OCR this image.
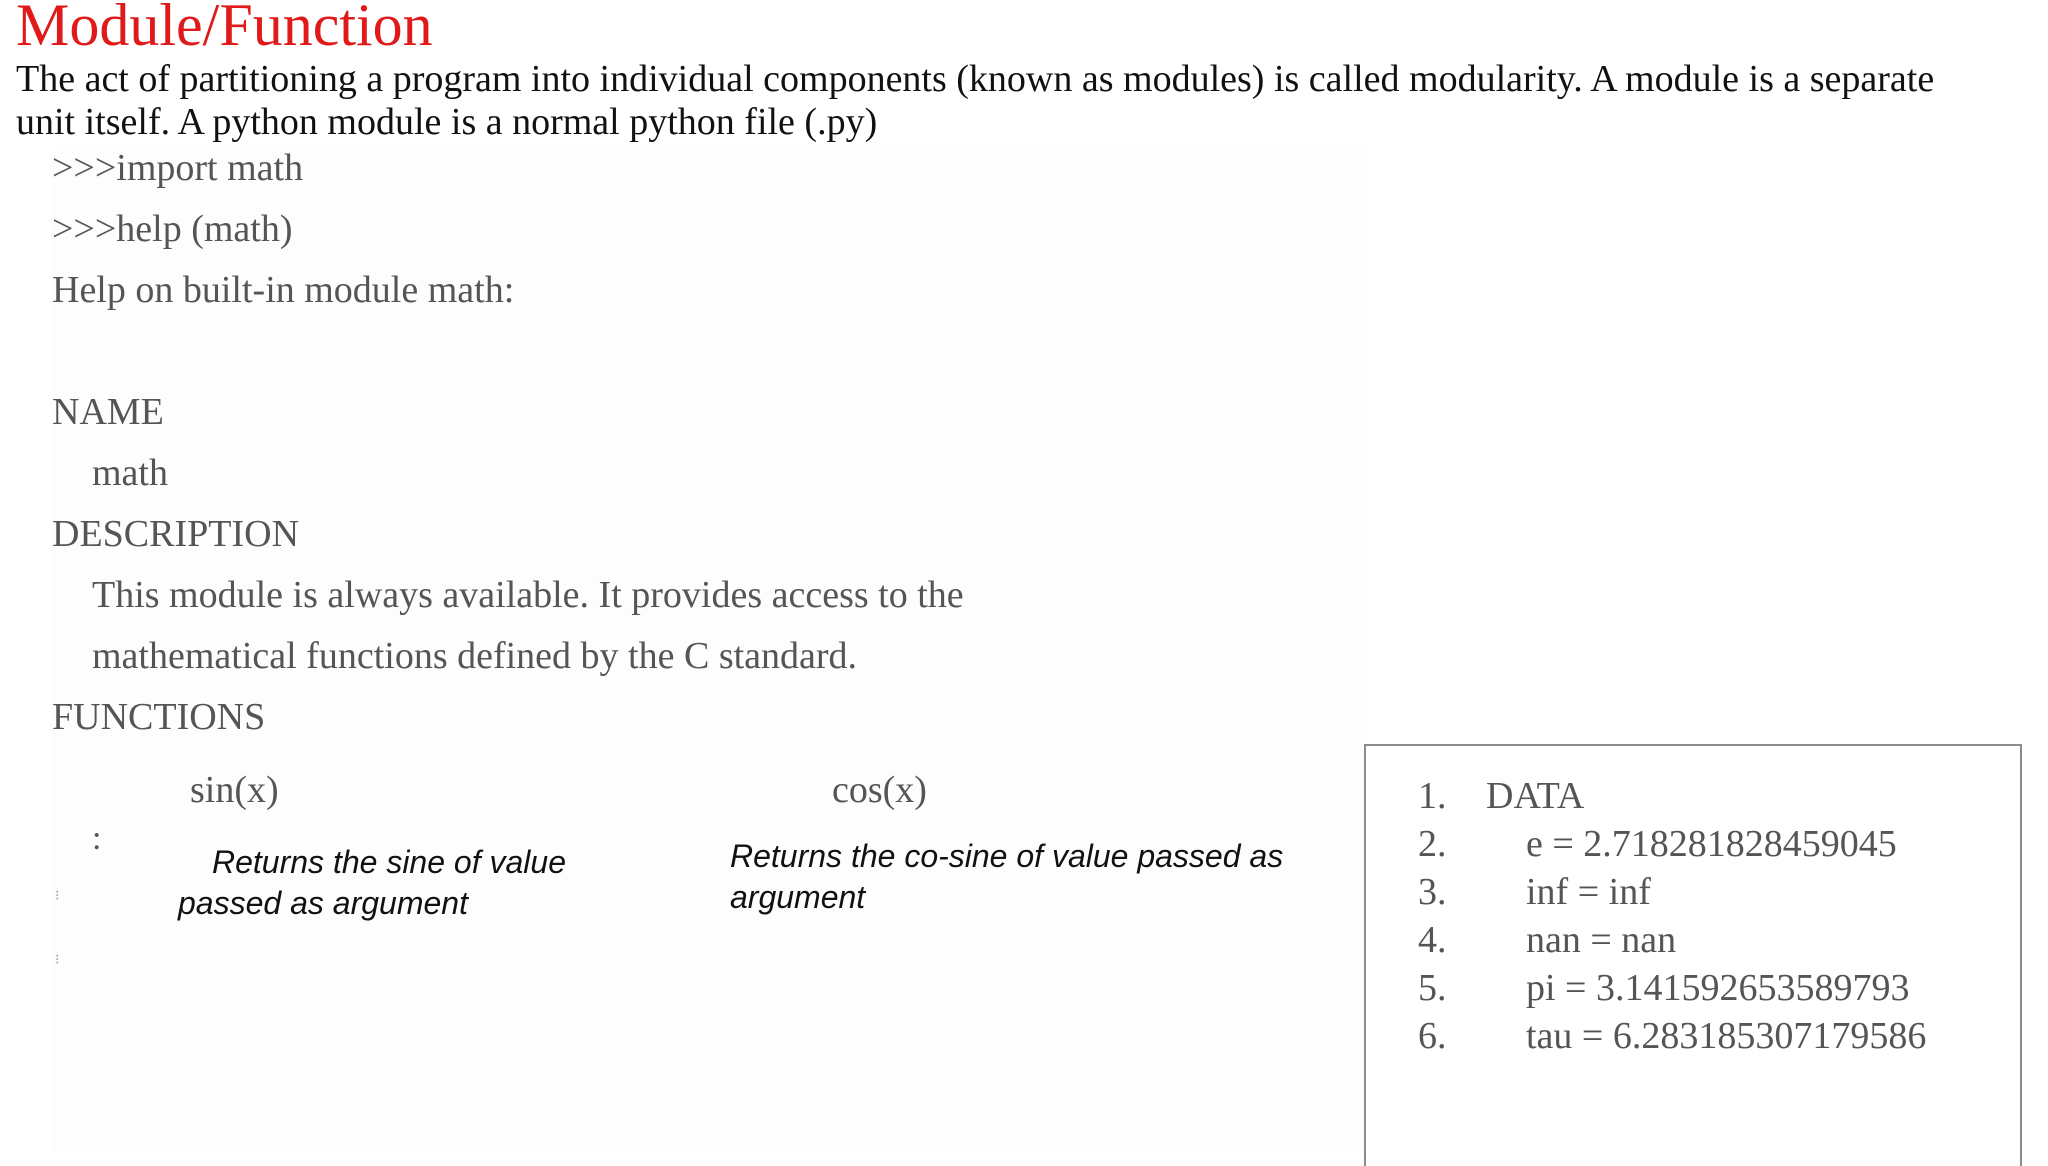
Module/Function
The act of partitioning a program into individual components (known as modules) is called modularity. A module is a separate unit itself. A python module is a normal python file (.py)
>>>import math
>>>help (math)
Help on built-in module math:
NAME
math
DESCRIPTION
This module is always available. It provides access to the
mathematical functions defined by the C standard.
FUNCTIONS
sin(x)
Returns the sine of value passed as argument
cos(x)
Returns the co-sine of value passed as argument
:
⁝
⁝
1. DATA
2. e = 2.718281828459045
3. inf = inf
4. nan = nan
5. pi = 3.141592653589793
6. tau = 6.283185307179586
